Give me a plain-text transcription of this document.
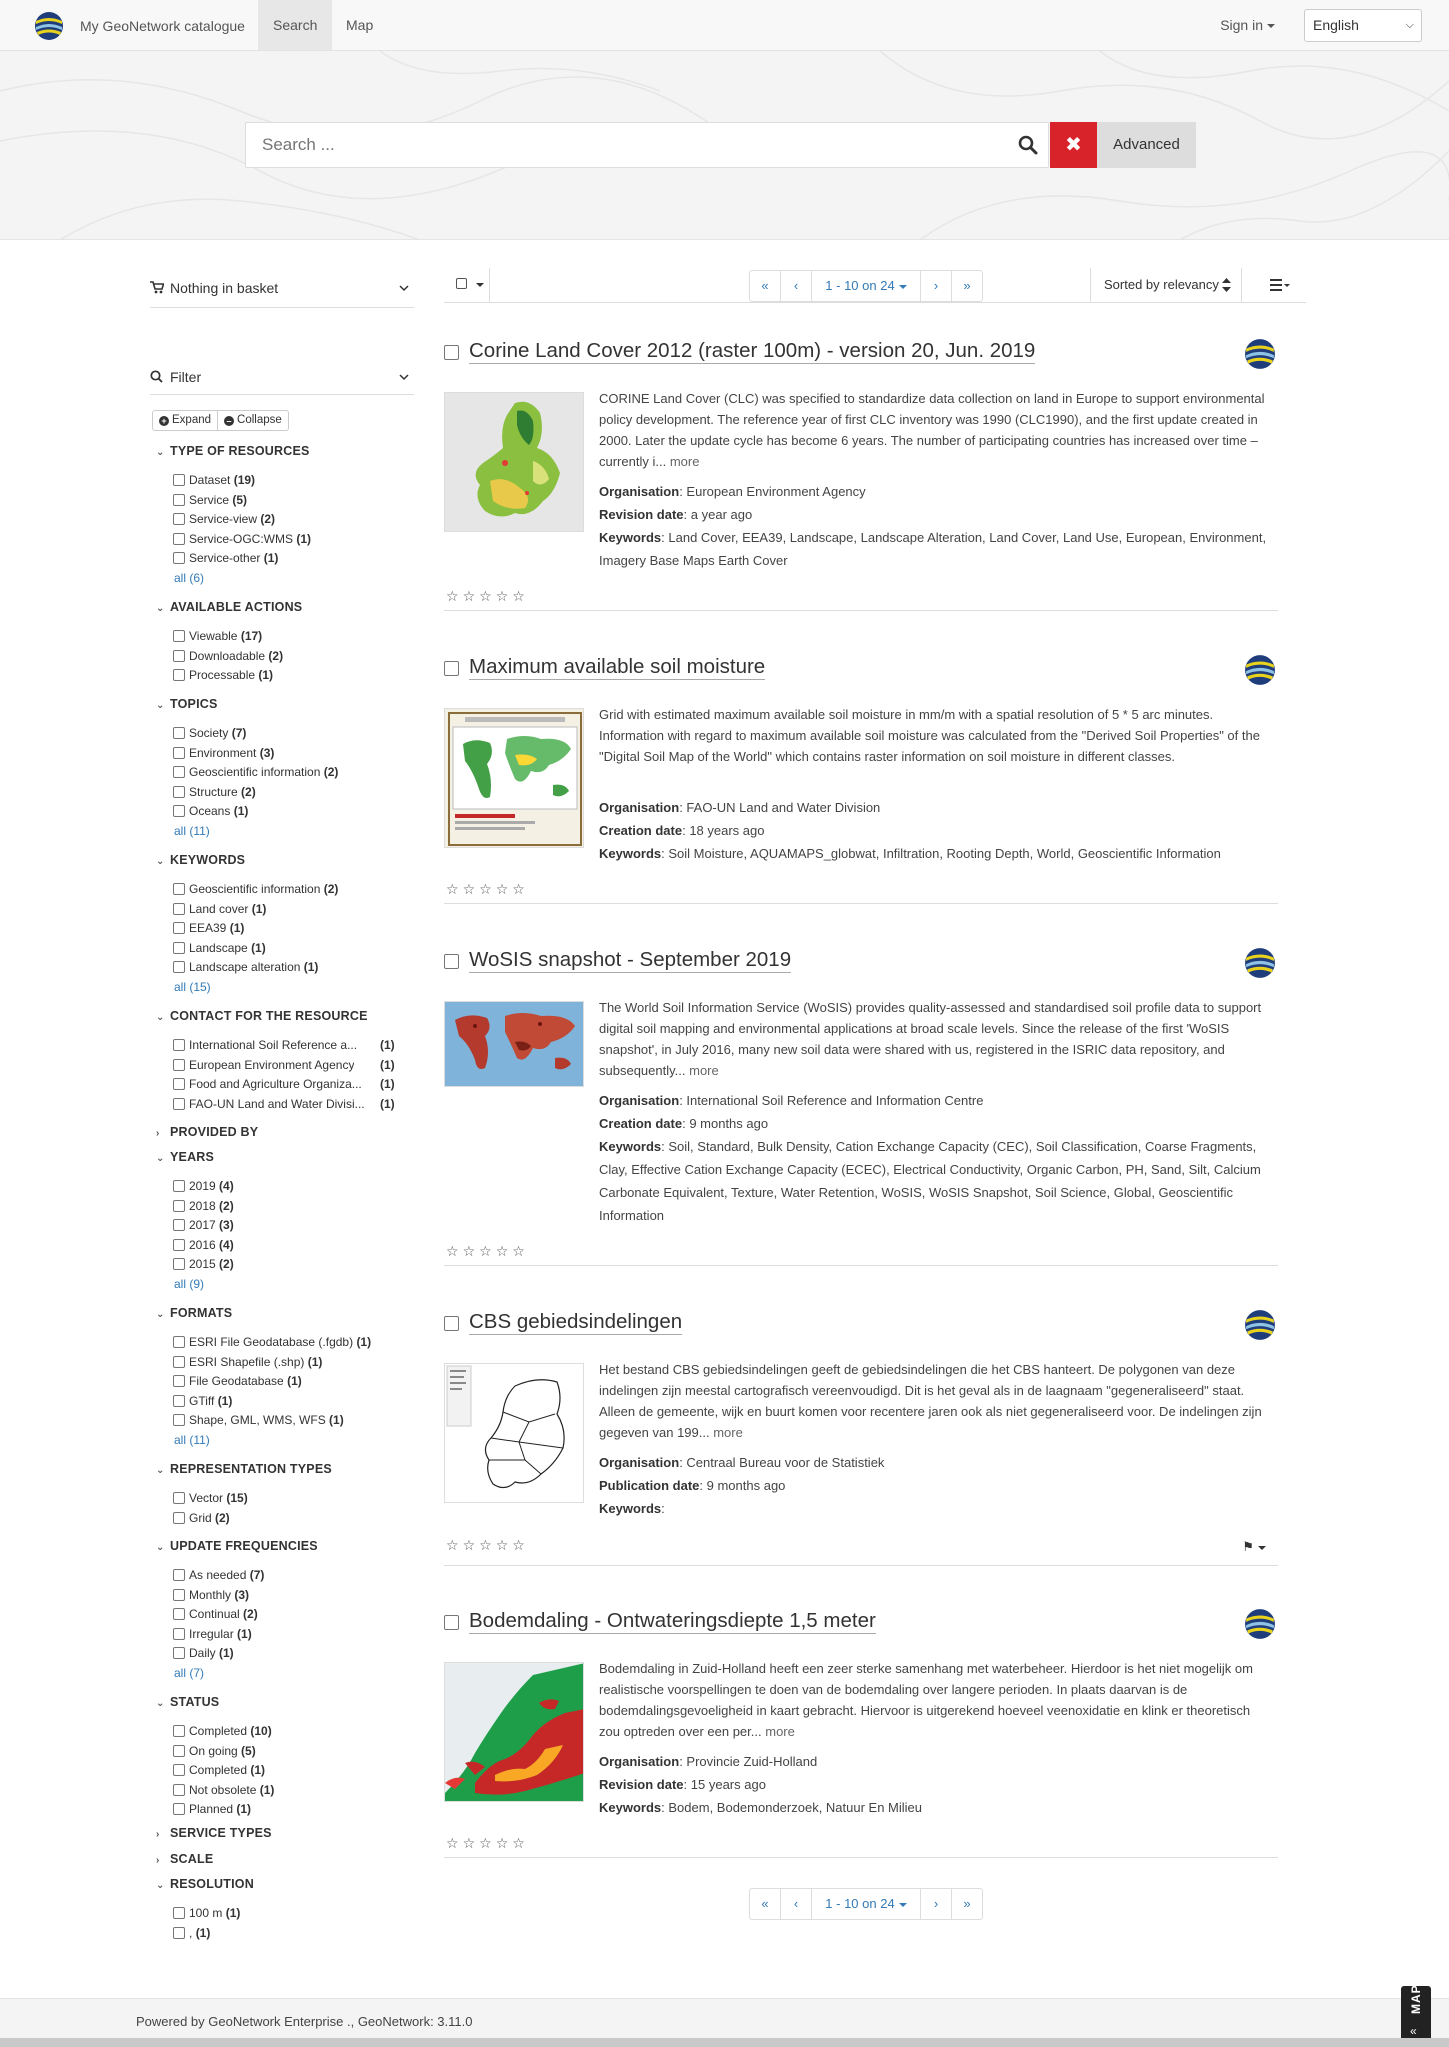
My GeoNetwork catalogue	Search	Map	Sign in	English	⌵
Search ...
✖	Advanced
Nothing in basket
Filter
+ Expand	– Collapse
⌄ TYPE OF RESOURCES
Dataset (19)
Service (5)
Service-view (2)
Service-OGC:WMS (1)
Service-other (1)
all (6)
⌄ AVAILABLE ACTIONS
Viewable (17)
Downloadable (2)
Processable (1)
⌄ TOPICS
Society (7)
Environment (3)
Geoscientific information (2)
Structure (2)
Oceans (1)
all (11)
⌄ KEYWORDS
Geoscientific information (2)
Land cover (1)
EEA39 (1)
Landscape (1)
Landscape alteration (1)
all (15)
⌄ CONTACT FOR THE RESOURCE
International Soil Reference a... (1)
European Environment Agency (1)
Food and Agriculture Organiza... (1)
FAO-UN Land and Water Divisi... (1)
› PROVIDED BY
⌄ YEARS
2019 (4)
2018 (2)
2017 (3)
2016 (4)
2015 (2)
all (9)
⌄ FORMATS
ESRI File Geodatabase (.fgdb) (1)
ESRI Shapefile (.shp) (1)
File Geodatabase (1)
GTiff (1)
Shape, GML, WMS, WFS (1)
all (11)
⌄ REPRESENTATION TYPES
Vector (15)
Grid (2)
⌄ UPDATE FREQUENCIES
As needed (7)
Monthly (3)
Continual (2)
Irregular (1)
Daily (1)
all (7)
⌄ STATUS
Completed (10)
On going (5)
Completed (1)
Not obsolete (1)
Planned (1)
› SERVICE TYPES
› SCALE
⌄ RESOLUTION
100 m (1)
, (1)
«	‹	1 - 10 on 24	›	»	Sorted by relevancy
Corine Land Cover 2012 (raster 100m) - version 20, Jun. 2019
CORINE Land Cover (CLC) was specified to standardize data collection on land in Europe to support environmental policy development. The reference year of first CLC inventory was 1990 (CLC1990), and the first update created in 2000. Later the update cycle has become 6 years. The number of participating countries has increased over time – currently i... more
Organisation: European Environment Agency
Revision date: a year ago
Keywords: Land Cover, EEA39, Landscape, Landscape Alteration, Land Cover, Land Use, European, Environment, Imagery Base Maps Earth Cover
☆☆☆☆☆
Maximum available soil moisture
Grid with estimated maximum available soil moisture in mm/m with a spatial resolution of 5 * 5 arc minutes. Information with regard to maximum available soil moisture was calculated from the "Derived Soil Properties" of the "Digital Soil Map of the World" which contains raster information on soil moisture in different classes.
Organisation: FAO-UN Land and Water Division
Creation date: 18 years ago
Keywords: Soil Moisture, AQUAMAPS_globwat, Infiltration, Rooting Depth, World, Geoscientific Information
☆☆☆☆☆
WoSIS snapshot - September 2019
The World Soil Information Service (WoSIS) provides quality-assessed and standardised soil profile data to support digital soil mapping and environmental applications at broad scale levels. Since the release of the first 'WoSIS snapshot', in July 2016, many new soil data were shared with us, registered in the ISRIC data repository, and subsequently... more
Organisation: International Soil Reference and Information Centre
Creation date: 9 months ago
Keywords: Soil, Standard, Bulk Density, Cation Exchange Capacity (CEC), Soil Classification, Coarse Fragments, Clay, Effective Cation Exchange Capacity (ECEC), Electrical Conductivity, Organic Carbon, PH, Sand, Silt, Calcium Carbonate Equivalent, Texture, Water Retention, WoSIS, WoSIS Snapshot, Soil Science, Global, Geoscientific Information
☆☆☆☆☆
CBS gebiedsindelingen
Het bestand CBS gebiedsindelingen geeft de gebiedsindelingen die het CBS hanteert. De polygonen van deze indelingen zijn meestal cartografisch vereenvoudigd. Dit is het geval als in de laagnaam "gegeneraliseerd" staat. Alleen de gemeente, wijk en buurt komen voor recentere jaren ook als niet gegeneraliseerd voor. De indelingen zijn gegeven van 199... more
Organisation: Centraal Bureau voor de Statistiek
Publication date: 9 months ago
Keywords:
☆☆☆☆☆	⚑
Bodemdaling - Ontwateringsdiepte 1,5 meter
Bodemdaling in Zuid-Holland heeft een zeer sterke samenhang met waterbeheer. Hierdoor is het niet mogelijk om realistische voorspellingen te doen van de bodemdaling over langere perioden. In plaats daarvan is de bodemdalingsgevoeligheid in kaart gebracht. Hiervoor is uitgerekend hoeveel veenoxidatie en klink er theoretisch zou optreden over een per... more
Organisation: Provincie Zuid-Holland
Revision date: 15 years ago
Keywords: Bodem, Bodemonderzoek, Natuur En Milieu
☆☆☆☆☆
«	‹	1 - 10 on 24	›	»
Powered by GeoNetwork Enterprise ., GeoNetwork: 3.11.0
MAP
«
